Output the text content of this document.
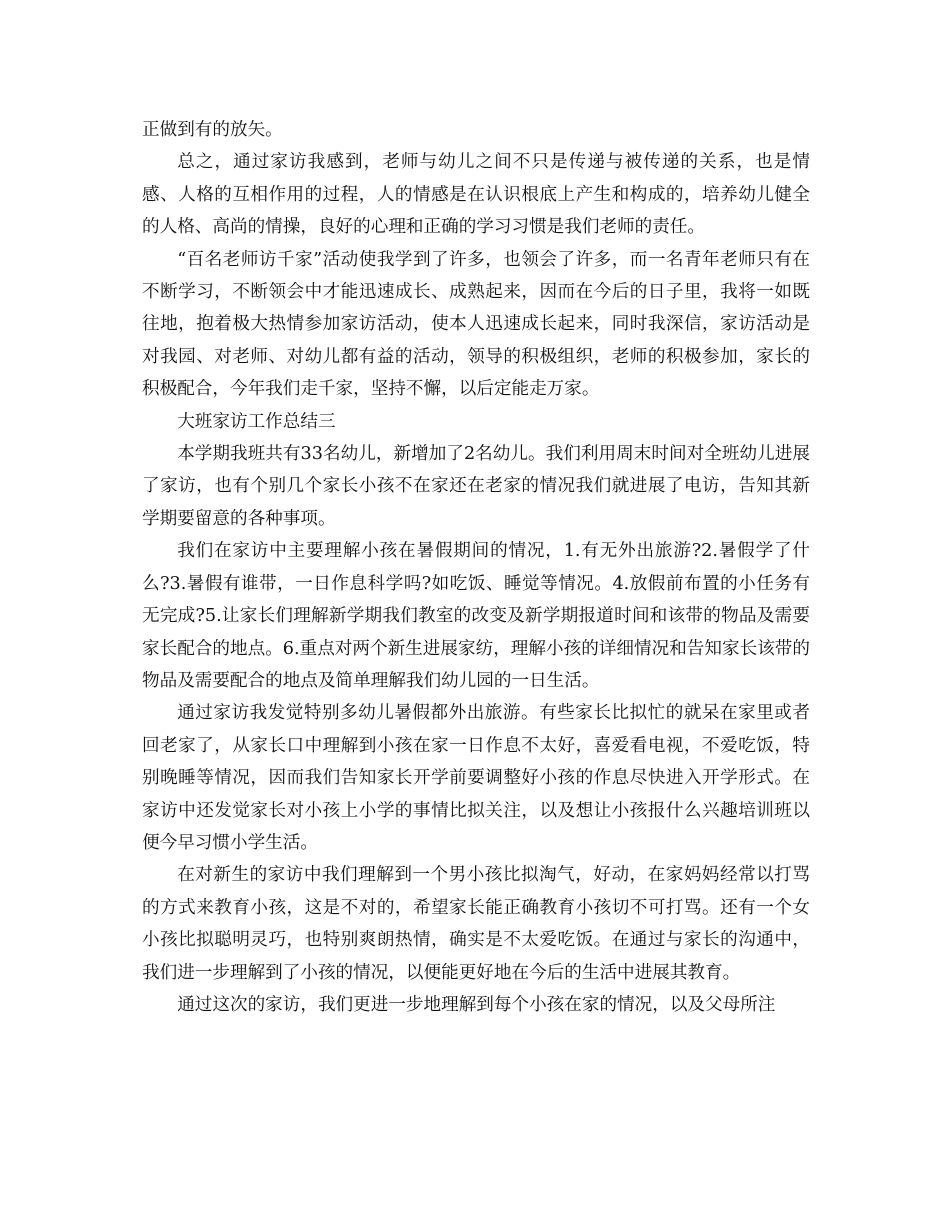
正做到有的放矢。

总之，通过家访我感到，老师与幼儿之间不只是传递与被传递的关系，也是情感、人格的互相作用的过程，人的情感是在认识根底上产生和构成的，培养幼儿健全的人格、高尚的情操，良好的心理和正确的学习习惯是我们老师的责任。

“百名老师访千家”活动使我学到了许多，也领会了许多，而一名青年老师只有在不断学习，不断领会中才能迅速成长、成熟起来，因而在今后的日子里，我将一如既往地，抱着极大热情参加家访活动，使本人迅速成长起来，同时我深信，家访活动是对我园、对老师、对幼儿都有益的活动，领导的积极组织，老师的积极参加，家长的积极配合，今年我们走千家，坚持不懈，以后定能走万家。

大班家访工作总结三

本学期我班共有33名幼儿，新增加了2名幼儿。我们利用周末时间对全班幼儿进展了家访，也有个别几个家长小孩不在家还在老家的情况我们就进展了电访，告知其新学期要留意的各种事项。

我们在家访中主要理解小孩在暑假期间的情况，1.有无外出旅游?2.暑假学了什么?3.暑假有谁带，一日作息科学吗?如吃饭、睡觉等情况。4.放假前布置的小任务有无完成?5.让家长们理解新学期我们教室的改变及新学期报道时间和该带的物品及需要家长配合的地点。6.重点对两个新生进展家纺，理解小孩的详细情况和告知家长该带的物品及需要配合的地点及简单理解我们幼儿园的一日生活。

通过家访我发觉特别多幼儿暑假都外出旅游。有些家长比拟忙的就呆在家里或者回老家了，从家长口中理解到小孩在家一日作息不太好，喜爱看电视，不爱吃饭，特别晚睡等情况，因而我们告知家长开学前要调整好小孩的作息尽快进入开学形式。在家访中还发觉家长对小孩上小学的事情比拟关注，以及想让小孩报什么兴趣培训班以便今早习惯小学生活。

在对新生的家访中我们理解到一个男小孩比拟淘气，好动，在家妈妈经常以打骂的方式来教育小孩，这是不对的，希望家长能正确教育小孩切不可打骂。还有一个女小孩比拟聪明灵巧，也特别爽朗热情，确实是不太爱吃饭。在通过与家长的沟通中，我们进一步理解到了小孩的情况，以便能更好地在今后的生活中进展其教育。

通过这次的家访，我们更进一步地理解到每个小孩在家的情况，以及父母所注
